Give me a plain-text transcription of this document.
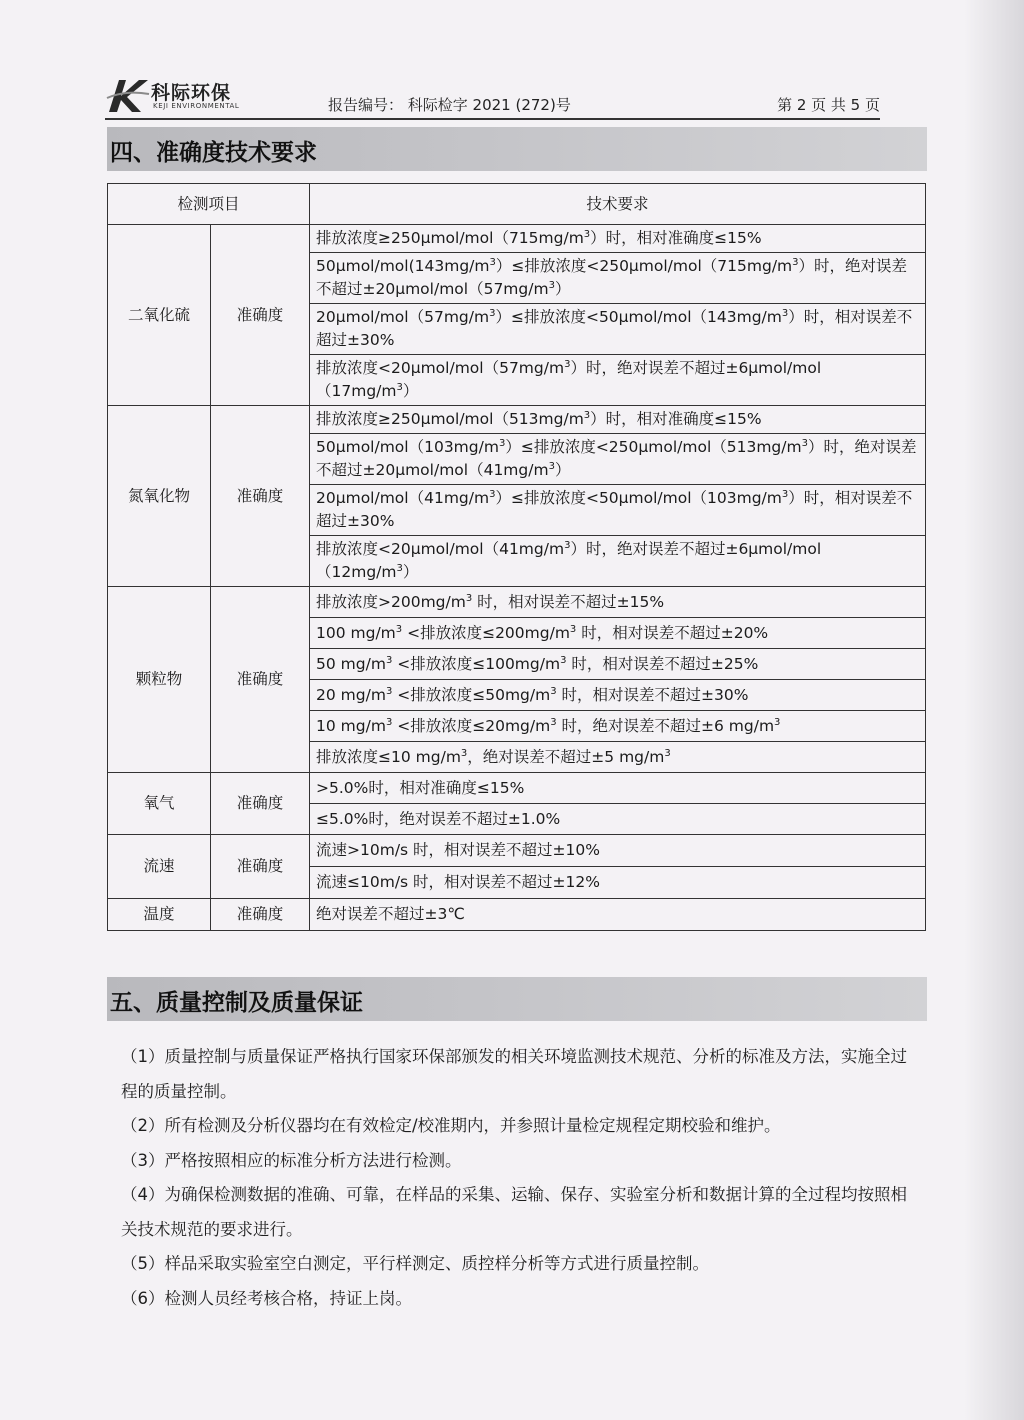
科际环保
KEJI ENVIRONMENTAL	报告编号： 科际检字 2021 (272)号	第 2 页 共 5 页
四、准确度技术要求
检测项目		技术要求
二氧化硫	准确度	排放浓度$\ge 250\mu mol/mol(715mg/m^3)$时，相对准确度≤15%
		$50\mu mol/mol(143mg/m^3)\le$排放浓度$<250\mu mol/mol(715mg/m^3)$时，绝对误差不超过$\pm 20\mu mol/mol(57mg/m^3)$
		$20\mu mol/mol(57mg/m^3)\le$排放浓度$<50\mu mol/mol(143mg/m^3)$时，相对误差不超过±30%
		排放浓度$<20\mu mol/mol(57mg/m^3)$时，绝对误差不超过$\pm 6\mu mol/mol(17mg/m^3)$
氮氧化物	准确度	排放浓度$\ge 250\mu mol/mol(513mg/m^3)$时，相对准确度≤15%
		$50\mu mol/mol(103mg/m^3)\le$排放浓度$<250\mu mol/mol(513mg/m^3)$时，绝对误差不超过$\pm 20\mu mol/mol(41mg/m^3)$
		$20\mu mol/mol(41mg/m^3)\le$排放浓度$<50\mu mol/mol(103mg/m^3)$时，相对误差不超过±30%
		排放浓度$<20\mu mol/mol(41mg/m^3)$时，绝对误差不超过$\pm 6\mu mol/mol(12mg/m^3)$
颗粒物	准确度	排放浓度$>200mg/m^3$ 时，相对误差不超过±15%
		100 $mg/m^3$ <排放浓度$\le 200mg/m^3$ 时，相对误差不超过±20%
		50 $mg/m^3$ <排放浓度$\le 100mg/m^3$ 时，相对误差不超过±25%
		20 $mg/m^3$ <排放浓度$\le 50mg/m^3$ 时，相对误差不超过±30%
		10 $mg/m^3$ <排放浓度$\le 20mg/m^3$ 时，绝对误差不超过±6 $mg/m^3$
		排放浓度≤10 $mg/m^3$，绝对误差不超过±5 $mg/m^3$
氧气	准确度	>5.0%时，相对准确度≤15%
		≤5.0%时，绝对误差不超过±1.0%
流速	准确度	流速>10m/s 时，相对误差不超过±10%
		流速≤10m/s 时，相对误差不超过±12%
温度	准确度	绝对误差不超过±3℃
五、质量控制及质量保证

（1）质量控制与质量保证严格执行国家环保部颁发的相关环境监测技术规范、分析的标准及方法，实施全过程的质量控制。

（2）所有检测及分析仪器均在有效检定/校准期内，并参照计量检定规程定期校验和维护。

（3）严格按照相应的标准分析方法进行检测。

（4）为确保检测数据的准确、可靠，在样品的采集、运输、保存、实验室分析和数据计算的全过程均按照相关技术规范的要求进行。

（5）样品采取实验室空白测定，平行样测定、质控样分析等方式进行质量控制。

（6）检测人员经考核合格，持证上岗。
